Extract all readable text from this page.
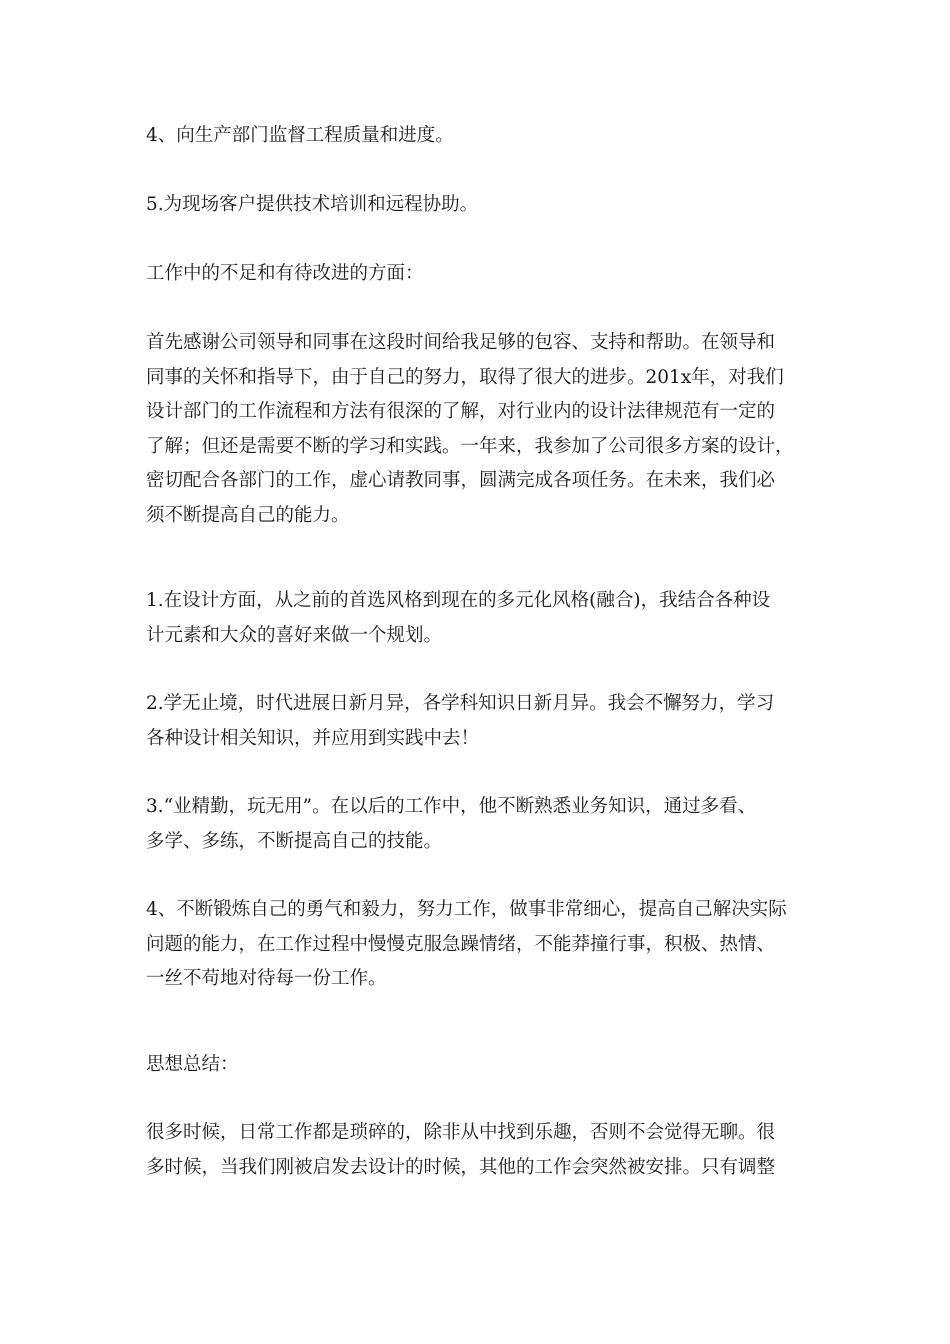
4、向生产部门监督工程质量和进度。

5.为现场客户提供技术培训和远程协助。

工作中的不足和有待改进的方面：

首先感谢公司领导和同事在这段时间给我足够的包容、支持和帮助。在领导和
同事的关怀和指导下，由于自己的努力，取得了很大的进步。201x年，对我们
设计部门的工作流程和方法有很深的了解，对行业内的设计法律规范有一定的
了解；但还是需要不断的学习和实践。一年来，我参加了公司很多方案的设计，
密切配合各部门的工作，虚心请教同事，圆满完成各项任务。在未来，我们必
须不断提高自己的能力。

1.在设计方面，从之前的首选风格到现在的多元化风格(融合)，我结合各种设
计元素和大众的喜好来做一个规划。

2.学无止境，时代进展日新月异，各学科知识日新月异。我会不懈努力，学习
各种设计相关知识，并应用到实践中去！

3.“业精勤，玩无用”。在以后的工作中，他不断熟悉业务知识，通过多看、
多学、多练，不断提高自己的技能。

4、不断锻炼自己的勇气和毅力，努力工作，做事非常细心，提高自己解决实际
问题的能力，在工作过程中慢慢克服急躁情绪，不能莽撞行事，积极、热情、
一丝不苟地对待每一份工作。

思想总结：

很多时候，日常工作都是琐碎的，除非从中找到乐趣，否则不会觉得无聊。很
多时候，当我们刚被启发去设计的时候，其他的工作会突然被安排。只有调整
